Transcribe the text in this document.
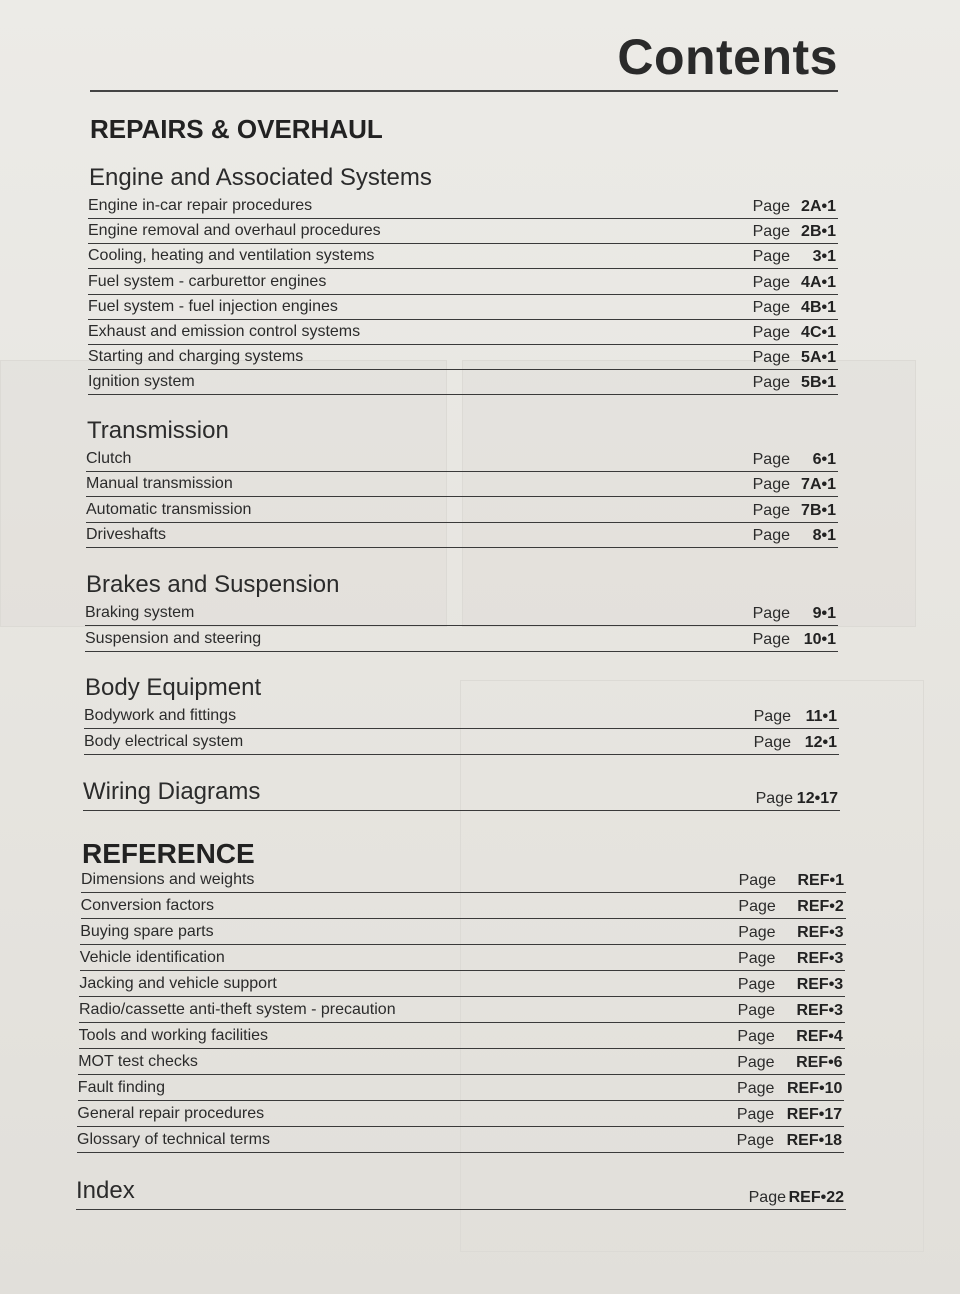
Contents
REPAIRS & OVERHAUL
Engine and Associated Systems
Transmission
Brakes and Suspension
Body Equipment
Wiring Diagrams	Page 12•17
REFERENCE
Index	Page REF•22
Engine in-car repair procedures	Page 2A•1
Engine removal and overhaul procedures	Page 2B•1
Cooling, heating and ventilation systems	Page 3•1
Fuel system - carburettor engines	Page 4A•1
Fuel system - fuel injection engines	Page 4B•1
Exhaust and emission control systems	Page 4C•1
Starting and charging systems	Page 5A•1
Ignition system	Page 5B•1
Clutch	Page 6•1
Manual transmission	Page 7A•1
Automatic transmission	Page 7B•1
Driveshafts	Page 8•1
Braking system	Page 9•1
Suspension and steering	Page 10•1
Bodywork and fittings	Page 11•1
Body electrical system	Page 12•1
Dimensions and weights	Page REF•1
Conversion factors	Page REF•2
Buying spare parts	Page REF•3
Vehicle identification	Page REF•3
Jacking and vehicle support	Page REF•3
Radio/cassette anti-theft system - precaution	Page REF•3
Tools and working facilities	Page REF•4
MOT test checks	Page REF•6
Fault finding	Page REF•10
General repair procedures	Page REF•17
Glossary of technical terms	Page REF•18
